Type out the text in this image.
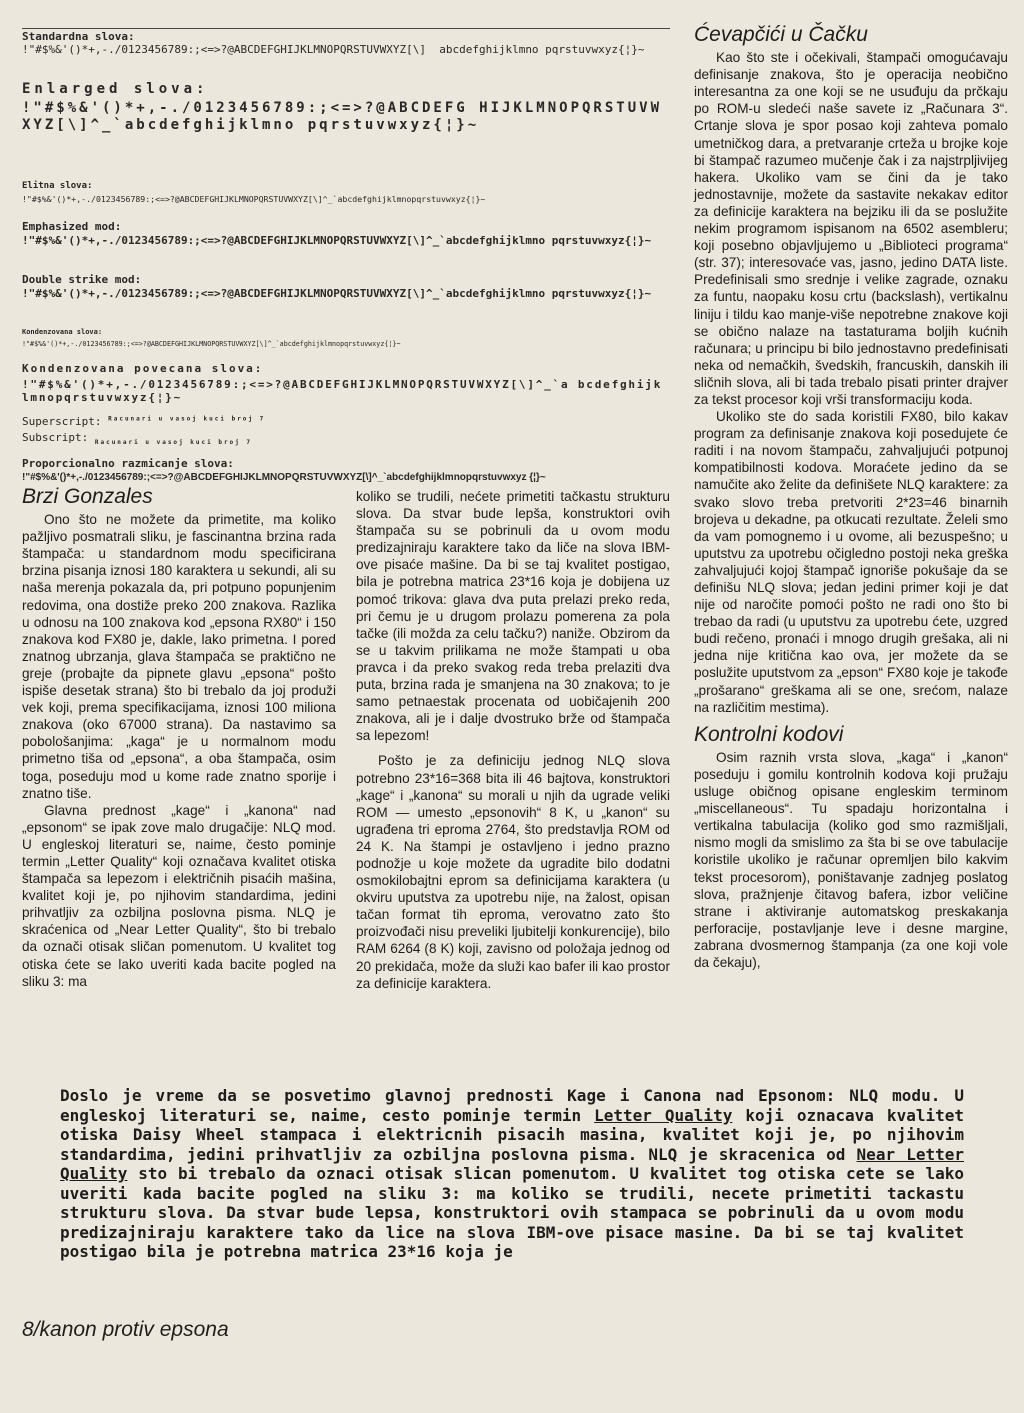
Standardna slova:
!"#$%&'()*+,-./0123456789:;<=>?@ABCDEFGHIJKLMNOPQRSTUVWXYZ[\]  abcdefghijklmno pqrstuvwxyz{¦}~
Enlarged slova:
!"#$%&'()*+,-./0123456789:;<=>?@ABCDEFG HIJKLMNOPQRSTUVWXYZ[\]^_`abcdefghijklmno pqrstuvwxyz{¦}~
Elitna slova:
!"#$%&'()*+,-./0123456789:;<=>?@ABCDEFGHIJKLMNOPQRSTUVWXYZ[\]^_`abcdefghijklmnopqrstuvwxyz{¦}~
Emphasized mod:
!"#$%&'()*+,-./0123456789:;<=>?@ABCDEFGHIJKLMNOPQRSTUVWXYZ[\]^_`abcdefghijklmno pqrstuvwxyz{¦}~
Double strike mod:
!"#$%&'()*+,-./0123456789:;<=>?@ABCDEFGHIJKLMNOPQRSTUVWXYZ[\]^_`abcdefghijklmno pqrstuvwxyz{¦}~
Kondenzovana slova:
!"#$%&'()*+,-./0123456789:;<=>?@ABCDEFGHIJKLMNOPQRSTUVWXYZ[\]^_`abcdefghijklmnopqrstuvwxyz{¦}~
Kondenzovana povecana slova:
!"#$%&'()*+,-./0123456789:;<=>?@ABCDEFGHIJKLMNOPQRSTUVWXYZ[\]^_`a bcdefghijklmnopqrstuvwxyz{¦}~
Superscript: $^{Racunari u vasoj kuci broj 7}$
Subscript: $_{Racunari u vasoj kuci broj 7}$
Proporcionalno razmicanje slova:
!"#$%&'()*+,-./0123456789:;<=>?@ABCDEFGHIJKLMNOPQRSTUVWXYZ[\]^_`abcdefghijklmnopqrstuvwxyz {¦}~
Ćevapčići u Čačku

Kao što ste i očekivali, štampači omogućavaju definisanje znakova, što je operacija neobično interesantna za one koji se ne usuđuju da prčkaju po ROM-u sledeći naše savete iz „Računara 3“. Crtanje slova je spor posao koji zahteva pomalo umetničkog dara, a pretvaranje crteža u brojke koje bi štampač razumeo mučenje čak i za najstrpljivijeg hakera. Ukoliko vam se čini da je tako jednostavnije, možete da sastavite nekakav editor za definicije karaktera na bejziku ili da se poslužite nekim programom ispisanom na 6502 asembleru; koji posebno objavljujemo u „Biblioteci programa“ (str. 37); interesovaće vas, jasno, jedino DATA liste. Predefinisali smo srednje i velike zagrade, oznaku za funtu, naopaku kosu crtu (backslash), vertikalnu liniju i tildu kao manje-više nepotrebne znakove koji se obično nalaze na tastaturama boljih kućnih računara; u principu bi bilo jednostavno predefinisati neka od nemačkih, švedskih, francuskih, danskih ili sličnih slova, ali bi tada trebalo pisati printer drajver za tekst procesor koji vrši transformaciju koda.

Ukoliko ste do sada koristili FX80, bilo kakav program za definisanje znakova koji posedujete će raditi i na novom štampaču, zahvaljujući potpunoj kompatibilnosti kodova. Moraćete jedino da se namučite ako želite da definišete NLQ karaktere: za svako slovo treba pretvoriti 2*23=46 binarnih brojeva u dekadne, pa otkucati rezultate. Želeli smo da vam pomognemo i u ovome, ali bezuspešno; u uputstvu za upotrebu očigledno postoji neka greška zahvaljujući kojoj štampač ignoriše pokušaje da se definišu NLQ slova; jedan jedini primer koji je dat nije od naročite pomoći pošto ne radi ono što bi trebao da radi (u uputstvu za upotrebu ćete, uzgred budi rečeno, pronaći i mnogo drugih grešaka, ali ni jedna nije kritična kao ova, jer možete da se poslužite uputstvom za „epson“ FX80 koje je takođe „prošarano“ greškama ali se one, srećom, nalaze na različitim mestima).

Kontrolni kodovi

Osim raznih vrsta slova, „kaga“ i „kanon“ poseduju i gomilu kontrolnih kodova koji pružaju usluge običnog opisane engleskim terminom „miscellaneous“. Tu spadaju horizontalna i vertikalna tabulacija (koliko god smo razmišljali, nismo mogli da smislimo za šta bi se ove tabulacije koristile ukoliko je računar opremljen bilo kakvim tekst procesorom), poništavanje zadnjeg poslatog slova, pražnjenje čitavog bafera, izbor veličine strane i aktiviranje automatskog preskakanja perforacije, postavljanje leve i desne margine, zabrana dvosmernog štampanja (za one koji vole da čekaju),

Brzi Gonzales

Ono što ne možete da primetite, ma koliko pažljivo posmatrali sliku, je fascinantna brzina rada štampača: u standardnom modu specificirana brzina pisanja iznosi 180 karaktera u sekundi, ali su naša merenja pokazala da, pri potpuno popunjenim redovima, ona dostiže preko 200 znakova. Razlika u odnosu na 100 znakova kod „epsona RX80“ i 150 znakova kod FX80 je, dakle, lako primetna. I pored znatnog ubrzanja, glava štampača se praktično ne greje (probajte da pipnete glavu „epsona“ pošto ispiše desetak strana) što bi trebalo da joj produži vek koji, prema specifikacijama, iznosi 100 miliona znakova (oko 67000 strana). Da nastavimo sa pobološanjima: „kaga“ je u normalnom modu primetno tiša od „epsona“, a oba štampača, osim toga, poseduju mod u kome rade znatno sporije i znatno tiše.

Glavna prednost „kage“ i „kanona“ nad „epsonom“ se ipak zove malo drugačije: NLQ mod. U engleskoj literaturi se, naime, često pominje termin „Letter Quality“ koji označava kvalitet otiska štampača sa lepezom i električnih pisaćih mašina, kvalitet koji je, po njihovim standardima, jedini prihvatljiv za ozbiljna poslovna pisma. NLQ je skraćenica od „Near Letter Quality“, što bi trebalo da označi otisak sličan pomenutom. U kvalitet tog otiska ćete se lako uveriti kada bacite pogled na sliku 3: ma

koliko se trudili, nećete primetiti tačkastu strukturu slova. Da stvar bude lepša, konstruktori ovih štampača su se pobrinuli da u ovom modu predizajniraju karaktere tako da liče na slova IBM-ove pisaće mašine. Da bi se taj kvalitet postigao, bila je potrebna matrica 23*16 koja je dobijena uz pomoć trikova: glava dva puta prelazi preko reda, pri čemu je u drugom prolazu pomerena za pola tačke (ili možda za celu tačku?) naniže. Obzirom da se u takvim prilikama ne može štampati u oba pravca i da preko svakog reda treba prelaziti dva puta, brzina rada je smanjena na 30 znakova; to je samo petnaestak procenata od uobičajenih 200 znakova, ali je i dalje dvostruko brže od štampača sa lepezom!

Pošto je za definiciju jednog NLQ slova potrebno 23*16=368 bita ili 46 bajtova, konstruktori „kage“ i „kanona“ su morali u njih da ugrade veliki ROM — umesto „epsonovih“ 8 K, u „kanon“ su ugrađena tri eproma 2764, što predstavlja ROM od 24 K. Na štampi je ostavljeno i jedno prazno podnožje u koje možete da ugradite bilo dodatni osmokilobajtni eprom sa definicijama karaktera (u okviru uputstva za upotrebu nije, na žalost, opisan tačan format tih eproma, verovatno zato što proizvođači nisu preveliki ljubitelji konkurencije), bilo RAM 6264 (8 K) koji, zavisno od položaja jednog od 20 prekidača, može da služi kao bafer ili kao prostor za definicije karaktera.

Doslo je vreme da se posvetimo glavnoj prednosti Kage i Canona nad Epsonom: NLQ modu. U engleskoj literaturi se, naime, cesto pominje termin Letter Quality koji oznacava kvalitet otiska Daisy Wheel stampaca i elektricnih pisacih masina, kvalitet koji je, po njihovim standardima, jedini prihvatljiv za ozbiljna poslovna pisma. NLQ je skracenica od Near Letter Quality sto bi trebalo da oznaci otisak slican pomenutom. U kvalitet tog otiska cete se lako uveriti kada bacite pogled na sliku 3: ma koliko se trudili, necete primetiti tackastu strukturu slova. Da stvar bude lepsa, konstruktori ovih stampaca se pobrinuli da u ovom modu predizajniraju karaktere tako da lice na slova IBM-ove pisace masine. Da bi se taj kvalitet postigao bila je potrebna matrica 23*16 koja je
8/kanon protiv epsona
